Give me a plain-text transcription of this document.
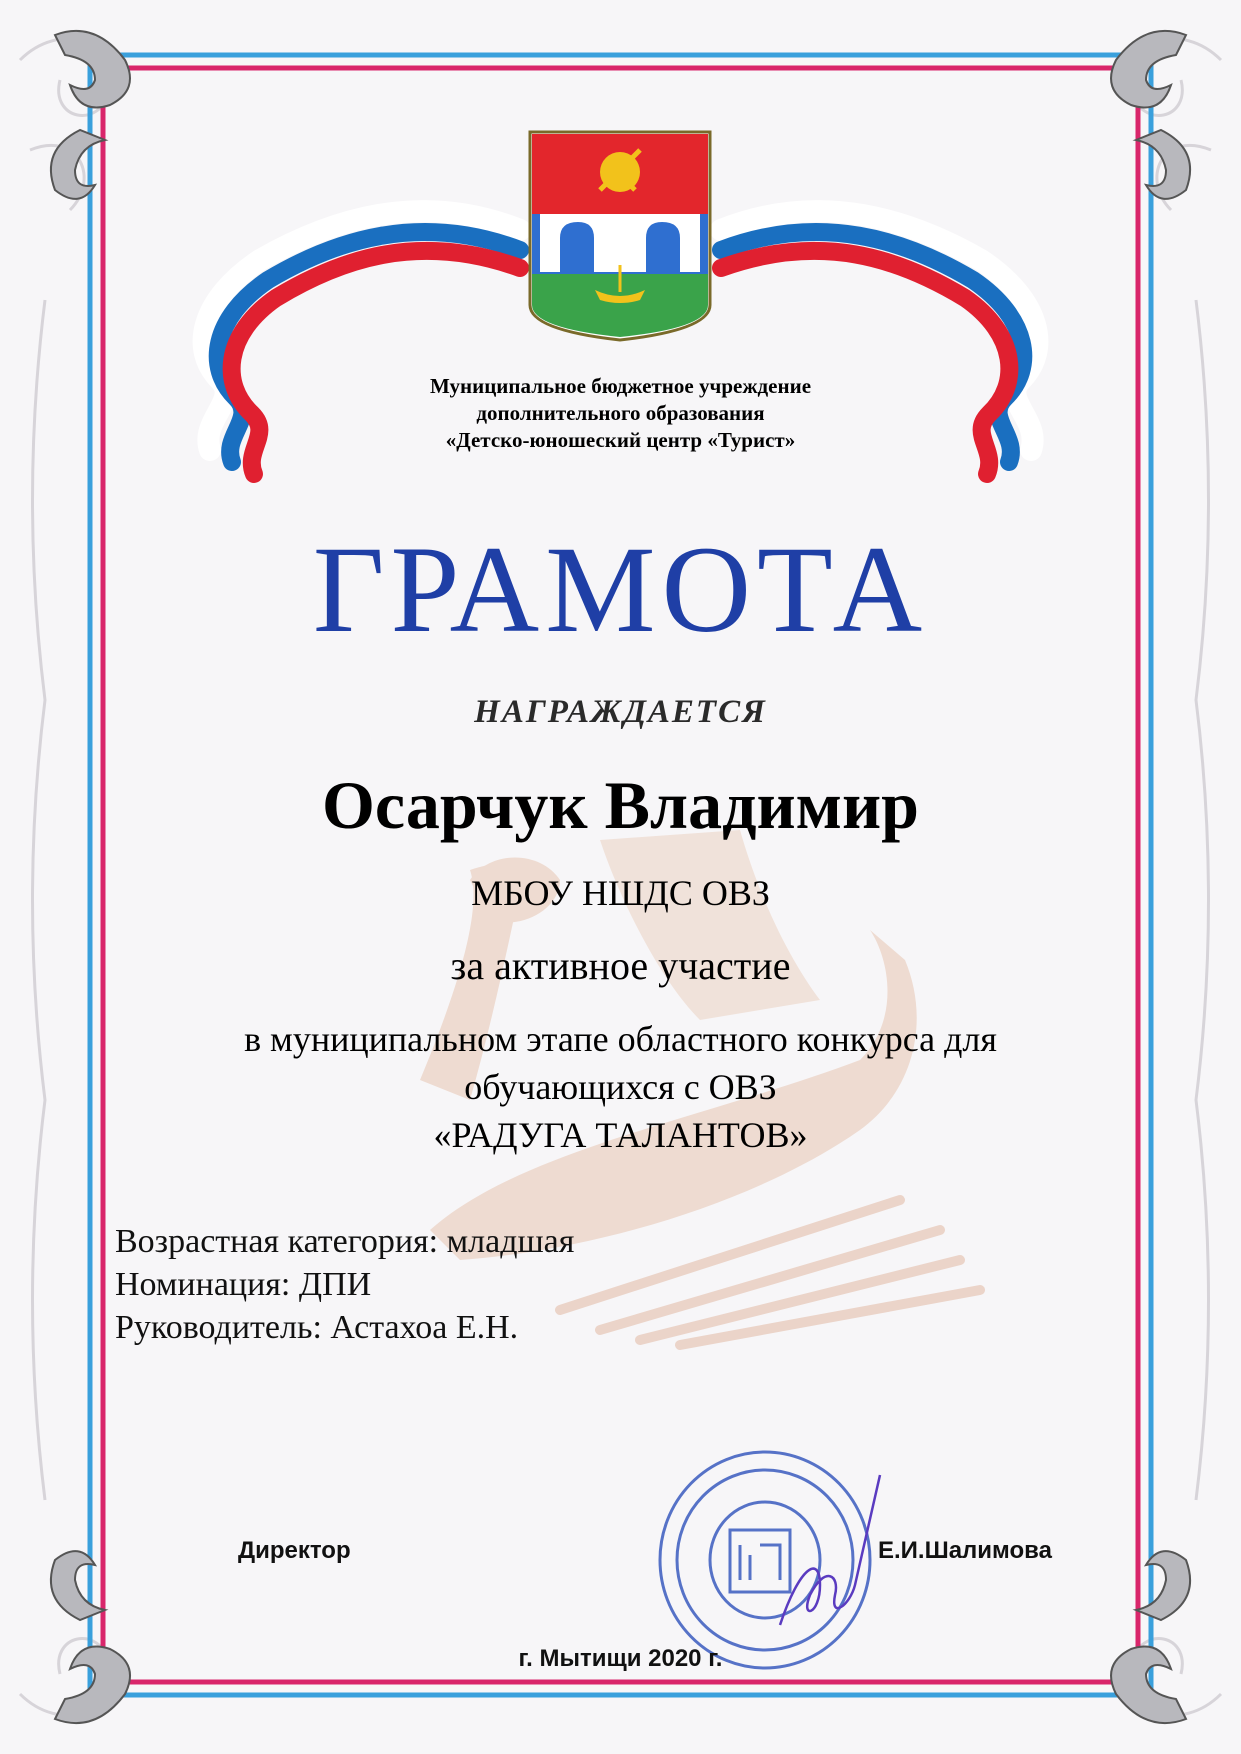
Муниципальное бюджетное учреждение
дополнительного образования
«Детско-юношеский центр «Турист»
ГРАМОТА
НАГРАЖДАЕТСЯ
Осарчук Владимир
МБОУ НШДС ОВЗ
за активное участие
в муниципальном этапе областного конкурса для
обучающихся с ОВЗ
«РАДУГА ТАЛАНТОВ»
Возрастная категория: младшая
Номинация: ДПИ
Руководитель: Астахоа Е.Н.
Директор	Е.И.Шалимова
г. Мытищи 2020 г.
